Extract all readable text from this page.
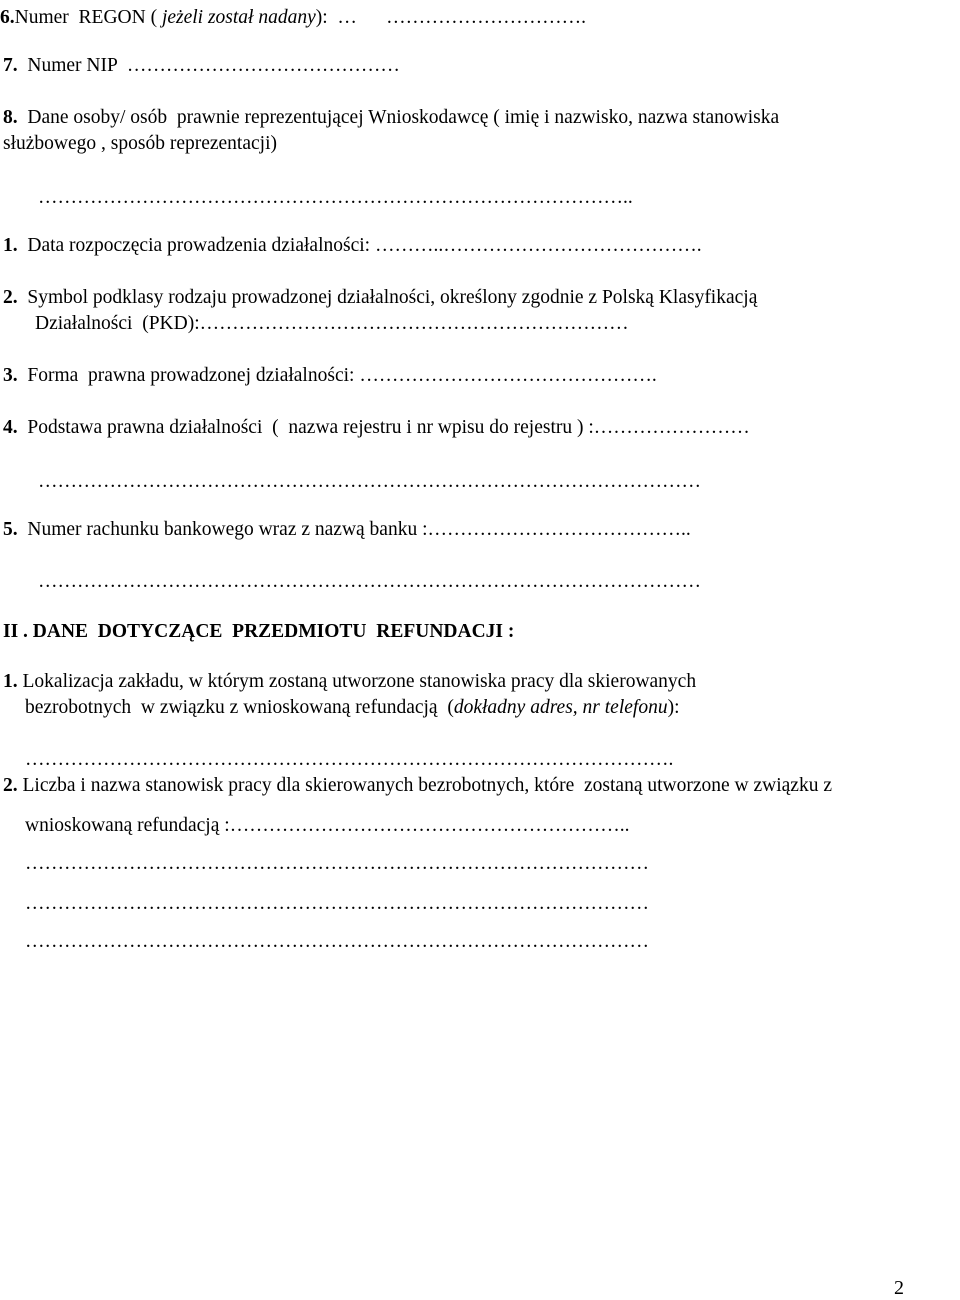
6.Numer  REGON ( jeżeli został nadany):  …      ………………………….
7. Numer NIP  ……………………………………
8. Dane osoby/ osób  prawnie reprezentującej Wnioskodawcę ( imię i nazwisko, nazwa stanowiska
służbowego , sposób reprezentacji)
………………………………………………………………………………..
1. Data rozpoczęcia prowadzenia działalności: ………..………………………………….
2. Symbol podklasy rodzaju prowadzonej działalności, określony zgodnie z Polską Klasyfikacją
Działalności  (PKD):…………………………………………………………
3. Forma  prawna prowadzonej działalności: ……………………………………….
4. Podstawa prawna działalności  (  nazwa rejestru i nr wpisu do rejestru ) :……………………
…………………………………………………………………………………………
5. Numer rachunku bankowego wraz z nazwą banku :…………………………………..
…………………………………………………………………………………………
II . DANE  DOTYCZĄCE  PRZEDMIOTU  REFUNDACJI :
1. Lokalizacja zakładu, w którym zostaną utworzone stanowiska pracy dla skierowanych
bezrobotnych  w związku z wnioskowaną refundacją  (dokładny adres, nr telefonu):
……………………………………………………………………………………….
2. Liczba i nazwa stanowisk pracy dla skierowanych bezrobotnych, które  zostaną utworzone w związku z
wnioskowaną refundacją :……………………………………………………..
……………………………………………………………………………………
……………………………………………………………………………………
……………………………………………………………………………………
2
